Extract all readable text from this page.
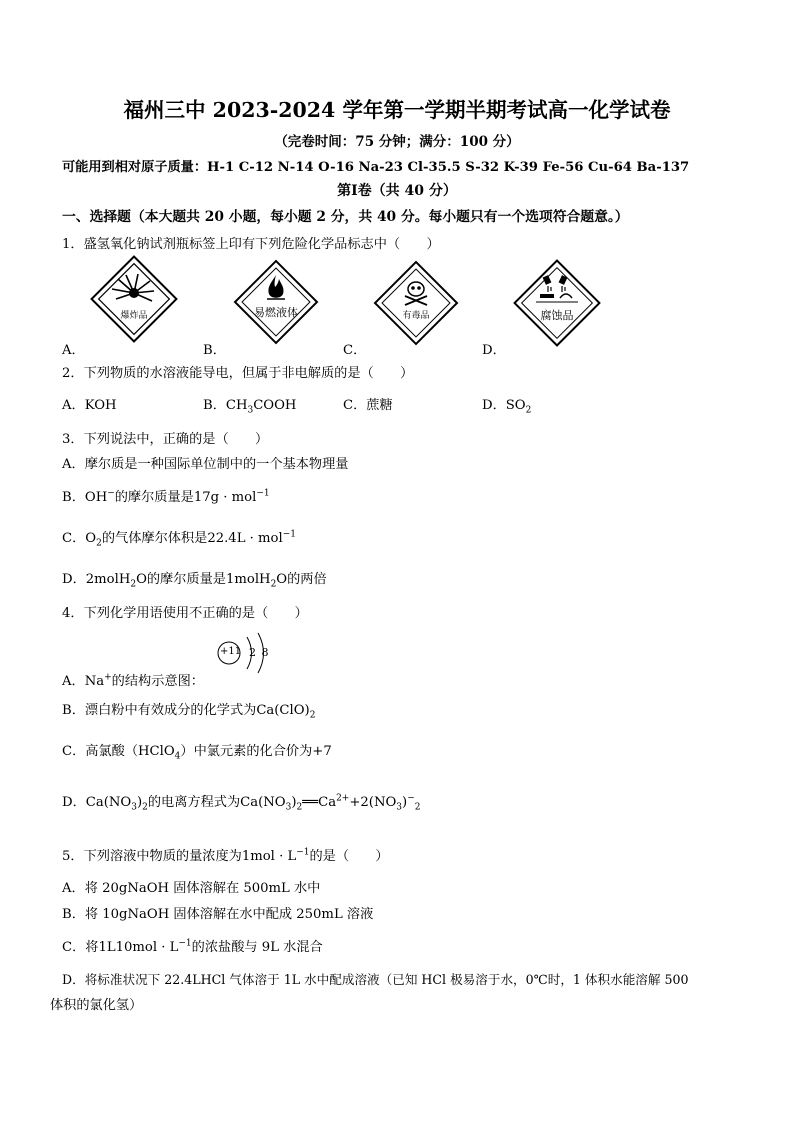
福州三中 2023-2024 学年第一学期半期考试高一化学试卷
（完卷时间：75 分钟；满分：100 分）
可能用到相对原子质量：H-1 C-12 N-14 O-16 Na-23 Cl-35.5 S-32 K-39 Fe-56 Cu-64 Ba-137
第Ⅰ卷（共 40 分）
一、选择题（本大题共 20 小题，每小题 2 分，共 40 分。每小题只有一个选项符合题意。）
1．盛氢氧化钠试剂瓶标签上印有下列危险化学品标志中（　　）
爆炸品	易燃液体	有毒品	腐蚀品
A．	B．	C．	D．
2．下列物质的水溶液能导电，但属于非电解质的是（　　）
A．KOH	B．$CH_3COOH$	C．蔗糖	D．$SO_2$
3．下列说法中，正确的是（　　）
A．摩尔质是一种国际单位制中的一个基本物理量
B．OH−的摩尔质量是17g · mol$^{-1}$
C．$O_2$的气体摩尔体积是22.4L · mol$^{-1}$
D．2molH$_2$O的摩尔质量是1molH$_2$O的两倍
4．下列化学用语使用不正确的是（　　）
+11 2 8
A．Na+的结构示意图：
B．漂白粉中有效成分的化学式为$Ca(ClO)_2$
C．高氯酸（HClO$_4$）中氯元素的化合价为+7
D．$Ca(NO_3)_2$的电离方程式为$Ca(NO_3)_2══Ca^{2+}+2(NO_3)^-_2$
5．下列溶液中物质的量浓度为$1mol \cdot L^{-1}$的是（　　）
A．将 20gNaOH 固体溶解在 500mL 水中
B．将 10gNaOH 固体溶解在水中配成 250mL 溶液
C．将$1L10mol \cdot L^{-1}$的浓盐酸与 9L 水混合
D．将标准状况下 22.4LHCl 气体溶于 1L 水中配成溶液（已知 HCl 极易溶于水，0℃时，1 体积水能溶解 500
体积的氯化氢）
